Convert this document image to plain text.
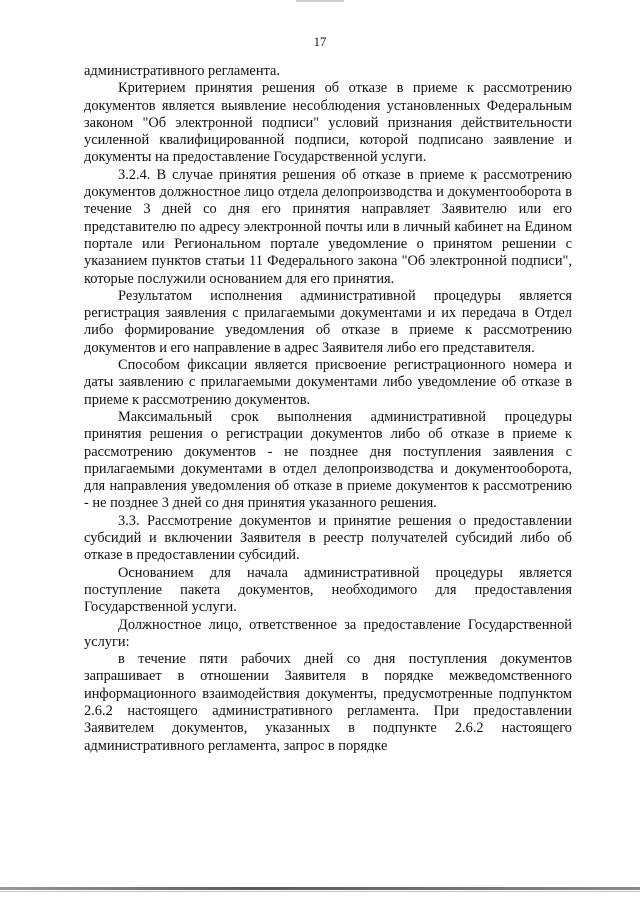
17

административного регламента.

Критерием принятия решения об отказе в приеме к рассмотрению документов является выявление несоблюдения установленных Федеральным законом "Об электронной подписи" условий признания действительности усиленной квалифицированной подписи, которой подписано заявление и документы на предоставление Государственной услуги.

3.2.4. В случае принятия решения об отказе в приеме к рассмотрению документов должностное лицо отдела делопроизводства и документооборота в течение 3 дней со дня его принятия направляет Заявителю или его представителю по адресу электронной почты или в личный кабинет на Едином портале или Региональном портале уведомление о принятом решении с указанием пунктов статьи 11 Федерального закона "Об электронной подписи", которые послужили основанием для его принятия.

Результатом исполнения административной процедуры является регистрация заявления с прилагаемыми документами и их передача в Отдел либо формирование уведомления об отказе в приеме к рассмотрению документов и его направление в адрес Заявителя либо его представителя.

Способом фиксации является присвоение регистрационного номера и даты заявлению с прилагаемыми документами либо уведомление об отказе в приеме к рассмотрению документов.

Максимальный срок выполнения административной процедуры принятия решения о регистрации документов либо об отказе в приеме к рассмотрению документов - не позднее дня поступления заявления с прилагаемыми документами в отдел делопроизводства и документооборота, для направления уведомления об отказе в приеме документов к рассмотрению - не позднее 3 дней со дня принятия указанного решения.

3.3. Рассмотрение документов и принятие решения о предоставлении субсидий и включении Заявителя в реестр получателей субсидий либо об отказе в предоставлении субсидий.

Основанием для начала административной процедуры является поступление пакета документов, необходимого для предоставления Государственной услуги.

Должностное лицо, ответственное за предоставление Государственной услуги:

в течение пяти рабочих дней со дня поступления документов запрашивает в отношении Заявителя в порядке межведомственного информационного взаимодействия документы, предусмотренные подпунктом 2.6.2 настоящего административного регламента. При предоставлении Заявителем документов, указанных в подпункте 2.6.2 настоящего административного регламента, запрос в порядке
